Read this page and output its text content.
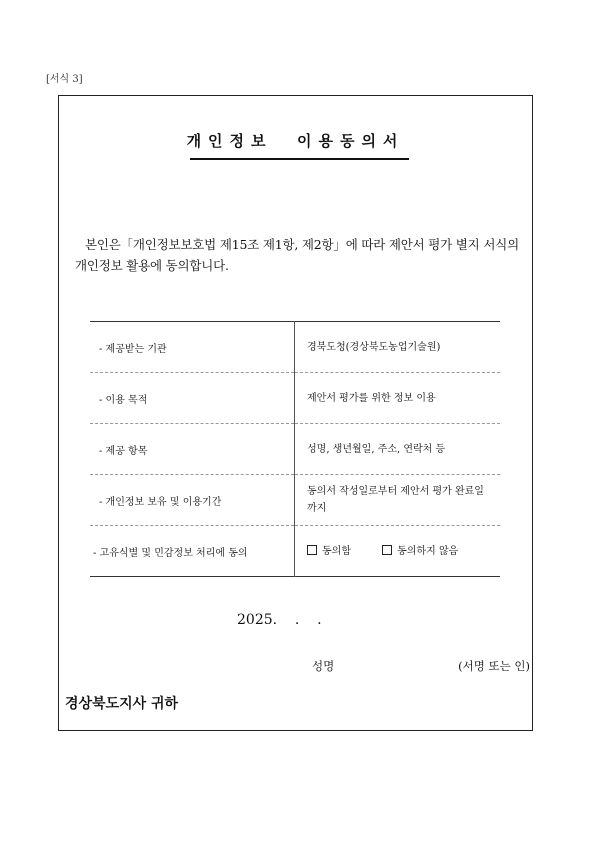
[서식 3]
개인정보  이용동의서
본인은「개인정보보호법 제15조 제1항, 제2항」에 따라 제안서 평가 별지 서식의 개인정보 활용에 동의합니다.
- 제공받는 기관	경북도청(경상북도농업기술원)
- 이용 목적	제안서 평가를 위한 정보 이용
- 제공 항목	성명, 생년월일, 주소, 연락처 등
- 개인정보 보유 및 이용기간	동의서 작성일로부터 제안서 평가 완료일 까지
- 고유식별 및 민감정보 처리에 동의	동의함 동의하지 않음
2025.    .    .
성명	(서명 또는 인)
경상북도지사 귀하
